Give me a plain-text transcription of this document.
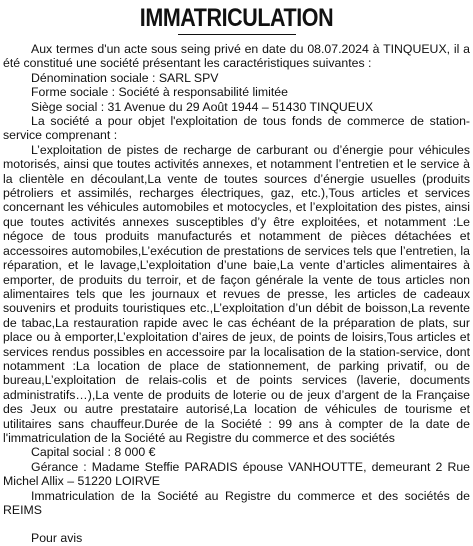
IMMATRICULATION

Aux termes d'un acte sous seing privé en date du 08.07.2024 à TINQUEUX, il a été constitué une société présentant les caractéristiques suivantes :

Dénomination sociale : SARL SPV

Forme sociale : Société à responsabilité limitée

Siège social : 31 Avenue du 29 Août 1944 – 51430 TINQUEUX

La société a pour objet l'exploitation de tous fonds de commerce de station-service comprenant :

L’exploitation de pistes de recharge de carburant ou d’énergie pour véhicules motorisés, ainsi que toutes activités annexes, et notamment l’entretien et le service à la clientèle en découlant,La vente de toutes sources d’énergie usuelles (produits pétroliers et assimilés, recharges électriques, gaz, etc.),Tous articles et services concernant les véhicules automobiles et motocycles, et l’exploitation des pistes, ainsi que toutes activités annexes susceptibles d’y être exploitées, et notamment :Le négoce de tous produits manufacturés et notamment de pièces détachées et accessoires automobiles,L’exécution de prestations de services tels que l’entretien, la réparation, et le lavage,L’exploitation d’une baie,La vente d’articles alimentaires à emporter, de produits du terroir, et de façon générale la vente de tous articles non alimentaires tels que les journaux et revues de presse, les articles de cadeaux souvenirs et produits touristiques etc.,L’exploitation d’un débit de boisson,La revente de tabac,La restauration rapide avec le cas échéant de la préparation de plats, sur place ou à emporter,L’exploitation d’aires de jeux, de points de loisirs,Tous articles et services rendus possibles en accessoire par la localisation de la station-service, dont notamment :La location de place de stationnement, de parking privatif, ou de bureau,L’exploitation de relais-colis et de points services (laverie, documents administratifs…),La vente de produits de loterie ou de jeux d’argent de la Française des Jeux ou autre prestataire autorisé,La location de véhicules de tourisme et utilitaires sans chauffeur.Durée de la Société : 99 ans à compter de la date de l'immatriculation de la Société au Registre du commerce et des sociétés

Capital social : 8 000 €

Gérance : Madame Steffie PARADIS épouse VANHOUTTE, demeurant 2 Rue Michel Allix – 51220 LOIRVE

Immatriculation de la Société au Registre du commerce et des sociétés de REIMS

Pour avis
